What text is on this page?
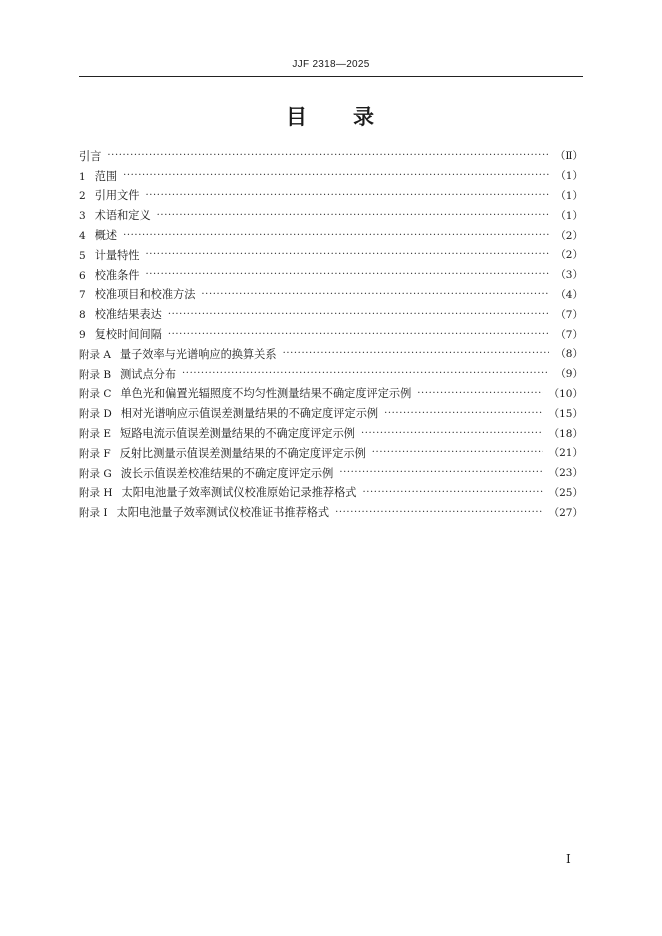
JJF 2318—2025
目 录
引言 ·····	（Ⅱ）
1 范围 ·····	（1）
2 引用文件 ·····	（1）
3 术语和定义 ·····	（1）
4 概述 ·····	（2）
5 计量特性 ·····	（2）
6 校准条件 ·····	（3）
7 校准项目和校准方法 ·····	（4）
8 校准结果表达 ·····	（7）
9 复校时间间隔 ·····	（7）
附录 A 量子效率与光谱响应的换算关系 ·····	（8）
附录 B 测试点分布 ·····	（9）
附录 C 单色光和偏置光辐照度不均匀性测量结果不确定度评定示例 ·····	（10）
附录 D 相对光谱响应示值误差测量结果的不确定度评定示例 ·····	（15）
附录 E 短路电流示值误差测量结果的不确定度评定示例 ·····	（18）
附录 F 反射比测量示值误差测量结果的不确定度评定示例 ·····	（21）
附录 G 波长示值误差校准结果的不确定度评定示例 ·····	（23）
附录 H 太阳电池量子效率测试仪校准原始记录推荐格式 ·····	（25）
附录 I 太阳电池量子效率测试仪校准证书推荐格式 ·····	（27）
I
